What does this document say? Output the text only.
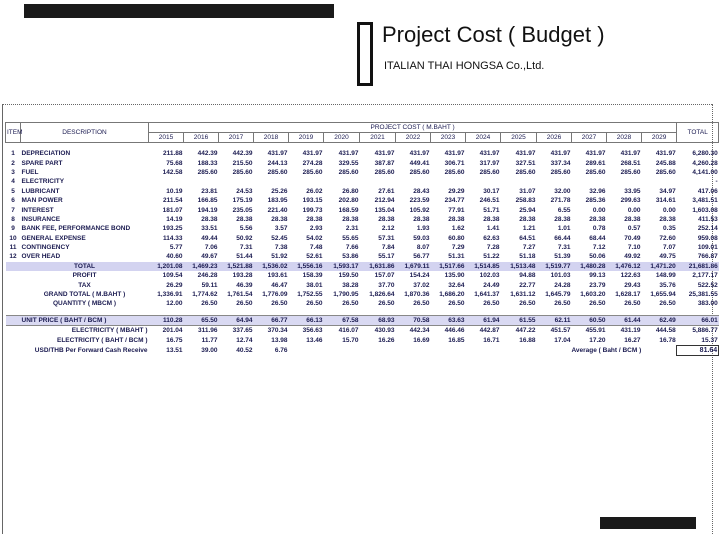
Project Cost ( Budget )
ITALIAN THAI HONGSA Co.,Ltd.
ITEM	DESCRIPTION	PROJECT COST ( M.BAHT )															TOTAL
		2015	2016	2017	2018	2019	2020	2021	2022	2023	2024	2025	2026	2027	2028	2029	

1	DEPRECIATION	211.88	442.39	442.39	431.97	431.97	431.97	431.97	431.97	431.97	431.97	431.97	431.97	431.97	431.97	431.97	6,280.30
2	SPARE PART	75.68	188.33	215.50	244.13	274.28	329.55	387.87	449.41	306.71	317.97	327.51	337.34	289.61	268.51	245.88	4,260.28
3	FUEL	142.58	285.60	285.60	285.60	285.60	285.60	285.60	285.60	285.60	285.60	285.60	285.60	285.60	285.60	285.60	4,141.00
4	ELECTRICITY																-
5	LUBRICANT	10.19	23.81	24.53	25.26	26.02	26.80	27.61	28.43	29.29	30.17	31.07	32.00	32.96	33.95	34.97	417.06
6	MAN POWER	211.54	166.85	175.19	183.95	193.15	202.80	212.94	223.59	234.77	246.51	258.83	271.78	285.36	299.63	314.61	3,481.51
7	INTEREST	181.07	194.19	235.05	221.40	199.73	168.59	135.04	105.92	77.91	51.71	25.94	6.55	0.00	0.00	0.00	1,603.08
8	INSURANCE	14.19	28.38	28.38	28.38	28.38	28.38	28.38	28.38	28.38	28.38	28.38	28.38	28.38	28.38	28.38	411.53
9	BANK FEE, PERFORMANCE BOND	193.25	33.51	5.56	3.57	2.93	2.31	2.12	1.93	1.62	1.41	1.21	1.01	0.78	0.57	0.35	252.14
10	GENERAL EXPENSE	114.33	49.44	50.92	52.45	54.02	55.65	57.31	59.03	60.80	62.63	64.51	66.44	68.44	70.49	72.60	959.08
11	CONTINGENCY	5.77	7.06	7.31	7.38	7.48	7.66	7.84	8.07	7.29	7.28	7.27	7.31	7.12	7.10	7.07	109.01
12	OVER HEAD	40.60	49.67	51.44	51.92	52.61	53.86	55.17	56.77	51.31	51.22	51.18	51.39	50.06	49.92	49.75	766.87
	TOTAL	1,201.08	1,469.23	1,521.88	1,536.02	1,556.16	1,593.17	1,631.86	1,679.11	1,517.66	1,514.85	1,513.48	1,519.77	1,480.28	1,476.12	1,471.20	21,681.86
	PROFIT	109.54	246.28	193.28	193.61	158.39	159.50	157.07	154.24	135.90	102.03	94.88	101.03	99.13	122.63	148.99	2,177.17
	TAX	26.29	59.11	46.39	46.47	38.01	38.28	37.70	37.02	32.64	24.49	22.77	24.28	23.79	29.43	35.76	522.52
	GRAND TOTAL ( M.BAHT )	1,336.91	1,774.62	1,761.54	1,776.09	1,752.55	1,790.95	1,826.64	1,870.36	1,686.20	1,641.37	1,631.12	1,645.79	1,603.20	1,628.17	1,655.94	25,381.55
	QUANTITY ( MBCM )	12.00	26.50	26.50	26.50	26.50	26.50	26.50	26.50	26.50	26.50	26.50	26.50	26.50	26.50	26.50	383.00

	UNIT PRICE ( BAHT / BCM )	110.28	65.50	64.94	66.77	66.13	67.58	68.93	70.58	63.63	61.94	61.55	62.11	60.50	61.44	62.49	66.01
	ELECTRICITY ( MBAHT )	201.04	311.96	337.65	370.34	356.63	416.07	430.93	442.34	446.46	442.87	447.22	451.57	455.91	431.19	444.58	5,886.77
	ELECTRICITY ( BAHT / BCM )	16.75	11.77	12.74	13.98	13.46	15.70	16.26	16.69	16.85	16.71	16.88	17.04	17.20	16.27	16.78	15.37
USD/THB Per Forward Cash Receive		13.51	39.00	40.52	6.76								Average ( Baht / BCM )				81.64
